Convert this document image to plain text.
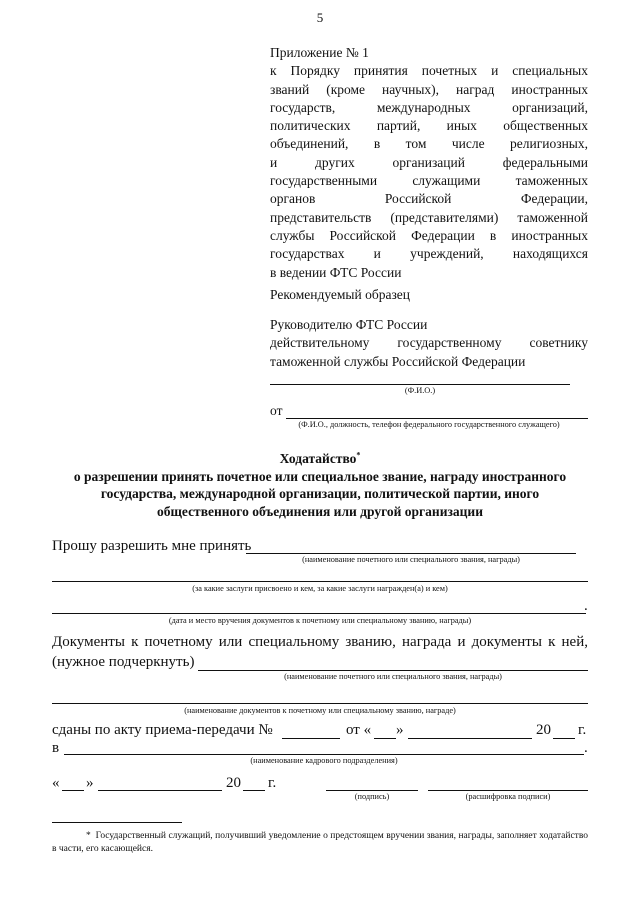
5

Приложение № 1

к Порядку принятия почетных и специальных

званий (кроме научных), наград иностранных

государств, международных организаций,

политических партий, иных общественных

объединений, в том числе религиозных,

и других организаций федеральными

государственными служащими таможенных

органов Российской Федерации,

представительств (представителями) таможенной

службы Российской Федерации в иностранных

государствах и учреждений, находящихся

в ведении ФТС России

Рекомендуемый образец

Руководителю ФТС России

действительному государственному советнику

таможенной службы Российской Федерации

(Ф.И.О.)
от
(Ф.И.О., должность, телефон федерального государственного служащего)
Ходатайство*
о разрешении принять почетное или специальное звание, награду иностранного
государства, международной организации, политической партии, иного
общественного объединения или другой организации
Прошу разрешить мне принять
(наименование почетного или специального звания, награды)
(за какие заслуги присвоено и кем, за какие заслуги награжден(а) и кем)
.
(дата и место вручения документов к почетному или специальному званию, награды)
Документы к почетному или специальному званию, награда и документы к ней,
(нужное подчеркнуть)
(наименование почетного или специального звания, награды)
(наименование документов к почетному или специальному званию, награде)
сданы по акту приема-передачи №	от « »	20 г.
в	.
(наименование кадрового подразделения)
« »	20 г.
(подпись)	(расшифровка подписи)
* Государственный служащий, получивший уведомление о предстоящем вручении звания, награды, заполняет ходатайство в части, его касающейся.
